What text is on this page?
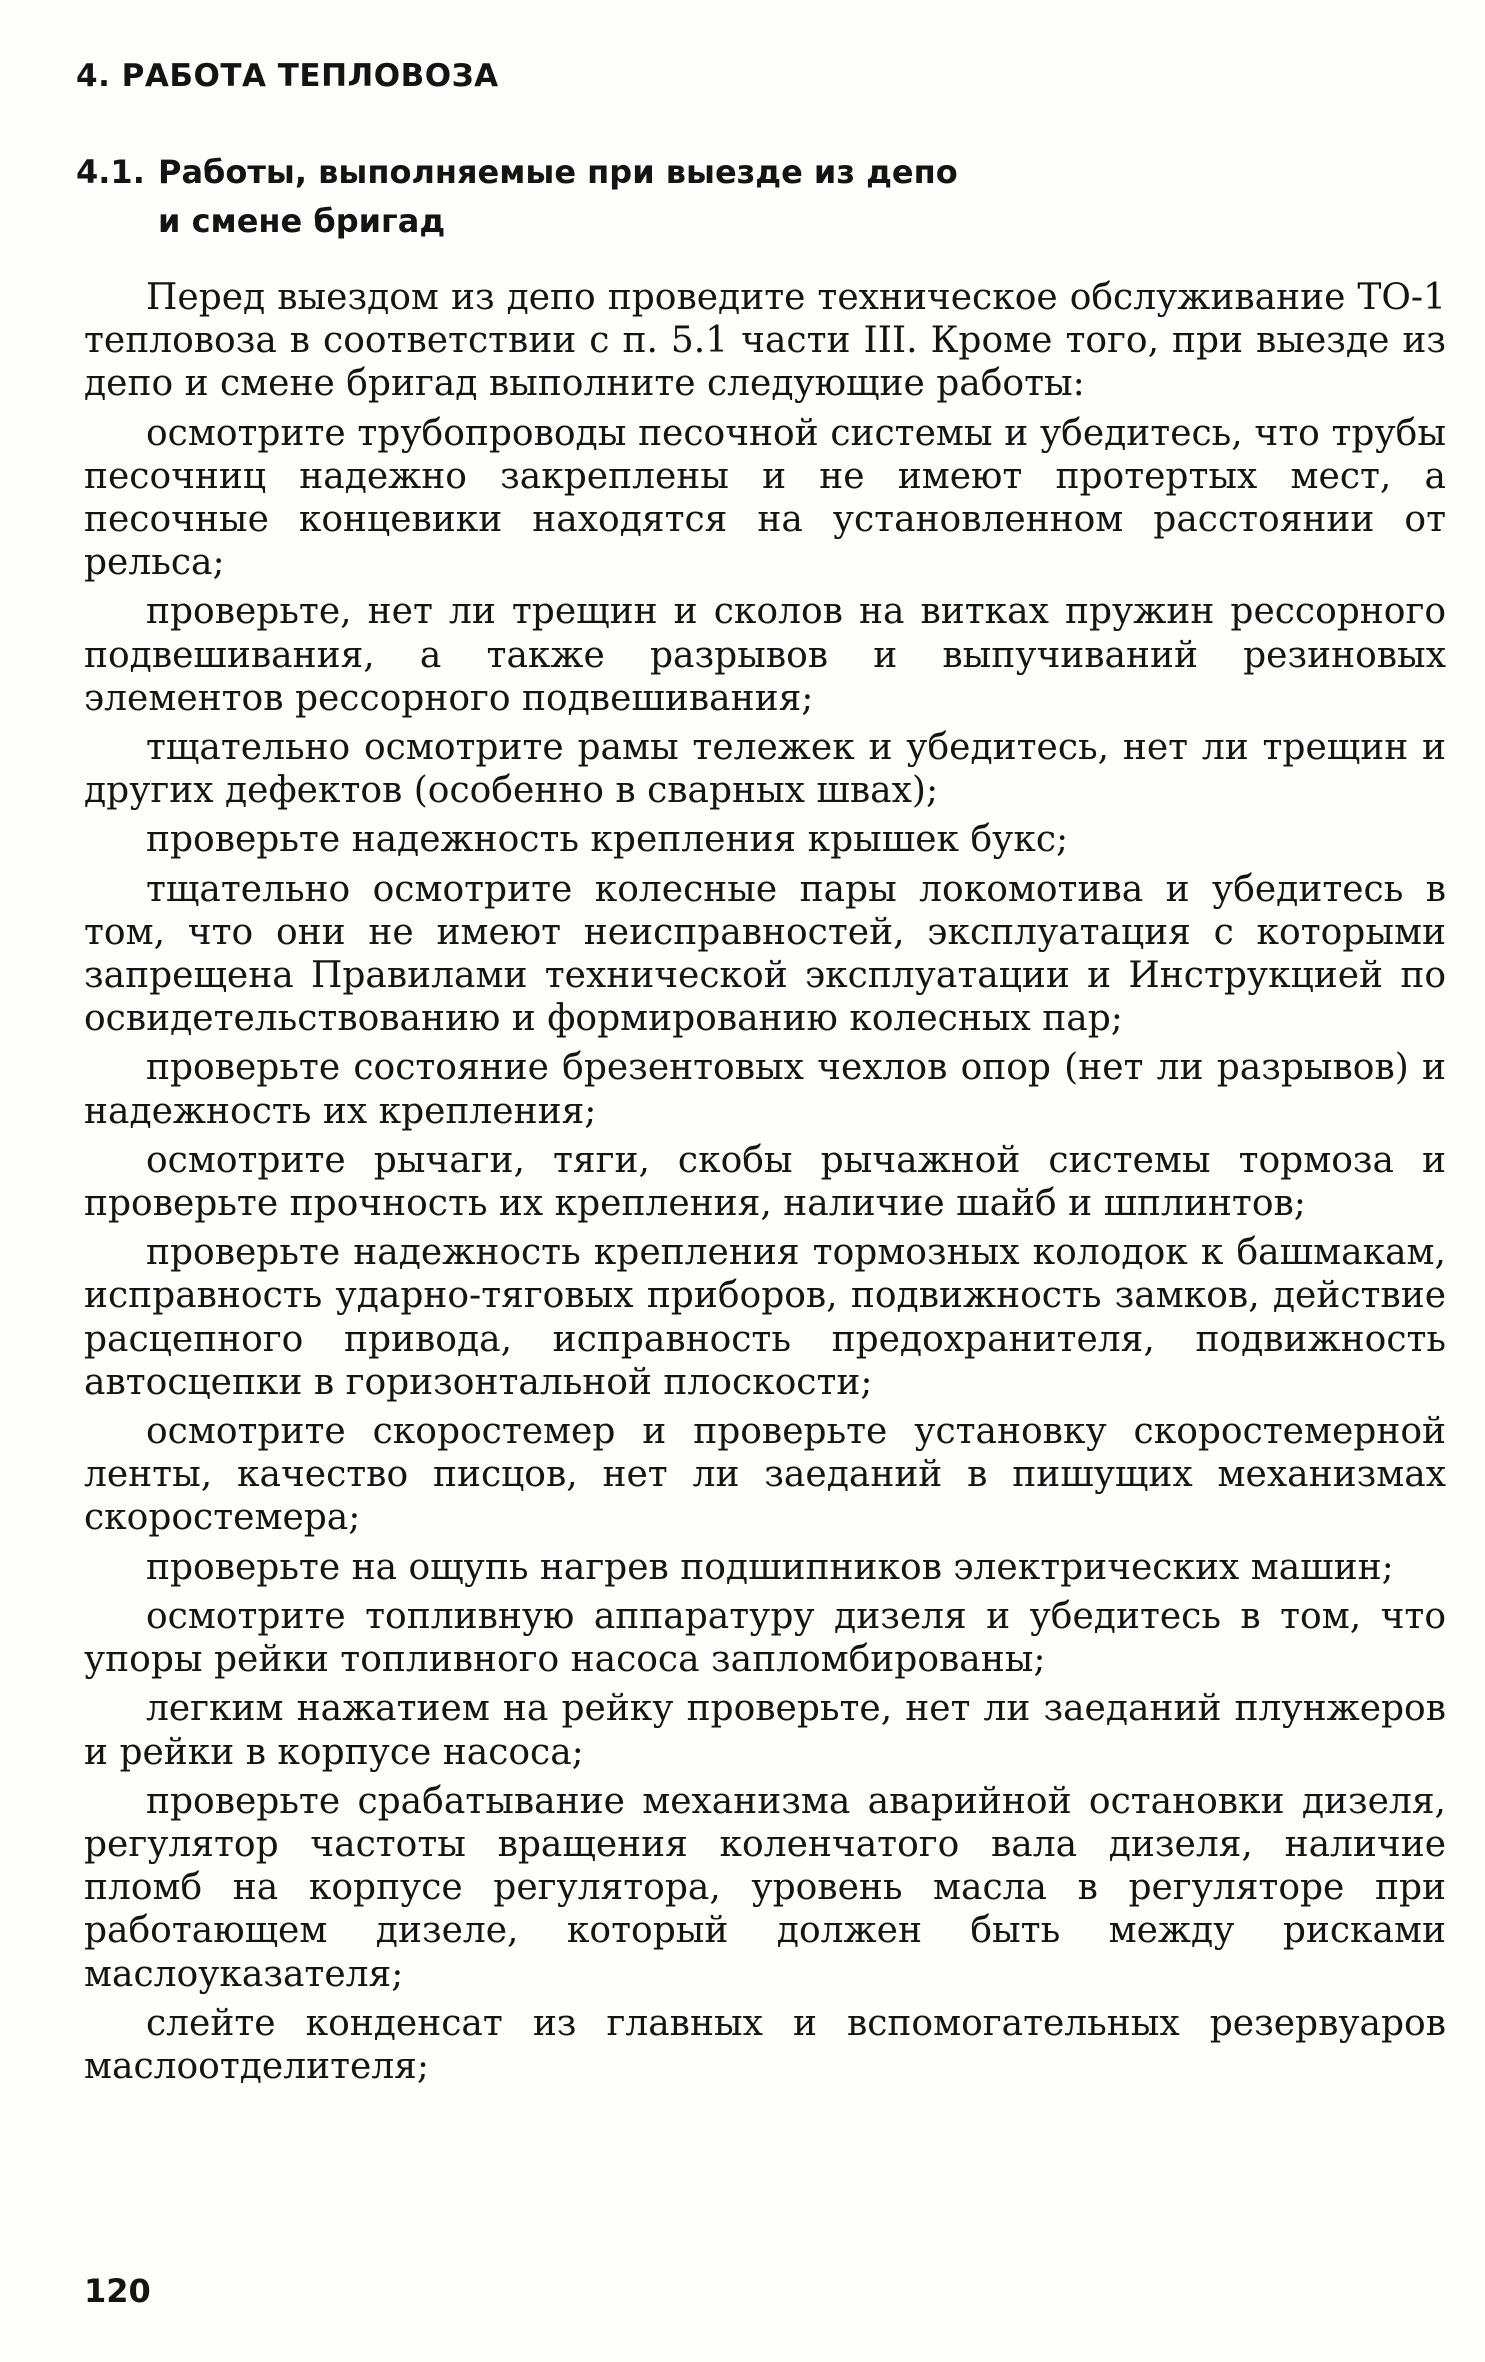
4. РАБОТА ТЕПЛОВОЗА
4.1. Работы, выполняемые при выезде из депо
и смене бригад

Перед выездом из депо проведите техническое обслуживание ТО-1 тепловоза в соответствии с п. 5.1 части III. Кроме того, при выезде из депо и смене бригад выполните следующие работы:

осмотрите трубопроводы песочной системы и убедитесь, что трубы песочниц надежно закреплены и не имеют протертых мест, а песочные концевики находятся на установленном расстоянии от рельса;

проверьте, нет ли трещин и сколов на витках пружин рессорного подвешивания, а также разрывов и выпучиваний резиновых элементов рессорного подвешивания;

тщательно осмотрите рамы тележек и убедитесь, нет ли трещин и других дефектов (особенно в сварных швах);

проверьте надежность крепления крышек букс;

тщательно осмотрите колесные пары локомотива и убедитесь в том, что они не имеют неисправностей, эксплуатация с которыми запрещена Правилами технической эксплуатации и Инструкцией по освидетельствованию и формированию колесных пар;

проверьте состояние брезентовых чехлов опор (нет ли разрывов) и надежность их крепления;

осмотрите рычаги, тяги, скобы рычажной системы тормоза и проверьте прочность их крепления, наличие шайб и шплинтов;

проверьте надежность крепления тормозных колодок к башмакам, исправность ударно-тяговых приборов, подвижность замков, действие расцепного привода, исправность предохранителя, подвижность автосцепки в горизонтальной плоскости;

осмотрите скоростемер и проверьте установку скоростемерной ленты, качество писцов, нет ли заеданий в пишущих механизмах скоростемера;

проверьте на ощупь нагрев подшипников электрических машин;

осмотрите топливную аппаратуру дизеля и убедитесь в том, что упоры рейки топливного насоса запломбированы;

легким нажатием на рейку проверьте, нет ли заеданий плунжеров и рейки в корпусе насоса;

проверьте срабатывание механизма аварийной остановки дизеля, регулятор частоты вращения коленчатого вала дизеля, наличие пломб на корпусе регулятора, уровень масла в регуляторе при работающем дизеле, который должен быть между рисками маслоуказателя;

слейте конденсат из главных и вспомогательных резервуаров маслоотделителя;

120
